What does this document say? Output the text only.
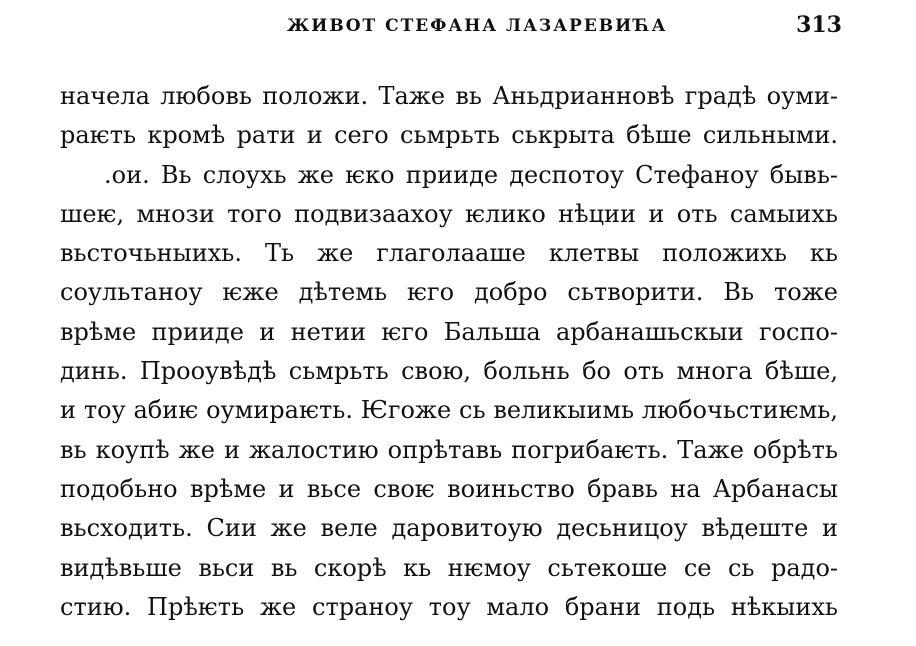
ЖИВОТ СТЕФАНА ЛАЗАРЕВИЋА	313
начела любовь положи. Таже вь Аньдрианновѣ градѣ оуми-
раѥть кромѣ рати и сего сьмрьть ськрыта бѣше сильными.
.ои. Вь слоухь же ѥко прииде деспотоу Стефаноу бывь-
шеѥ, мнози того подвизаахоу ѥлико нѣции и оть самыихь
вьсточьныихь. Ть же глаголааше клетвы положихь кь
соультаноу ѥже дѣтемь ѥго добро сьтворити. Вь тоже
врѣме прииде и нетии ѥго Бальша арбанашьскыи госпо-
динь. Прооувѣдѣ сьмрьть свою, больнь бо оть многа бѣше,
и тоу абиѥ оумираѥть. Ѥгоже сь великыимь любочьстиѥмь,
вь коупѣ же и жалостию опрѣтавь погрибаѥть. Таже обрѣть
подобьно врѣме и вьсе своѥ воиньство бравь на Арбанасы
вьсходить. Сии же веле даровитоую десьницоу вѣдеште и
видѣвьше вьси вь скорѣ кь нѥмоу сьтекоше се сь радо-
стию. Прѣѥть же страноу тоу мало брани подь нѣкыихь
